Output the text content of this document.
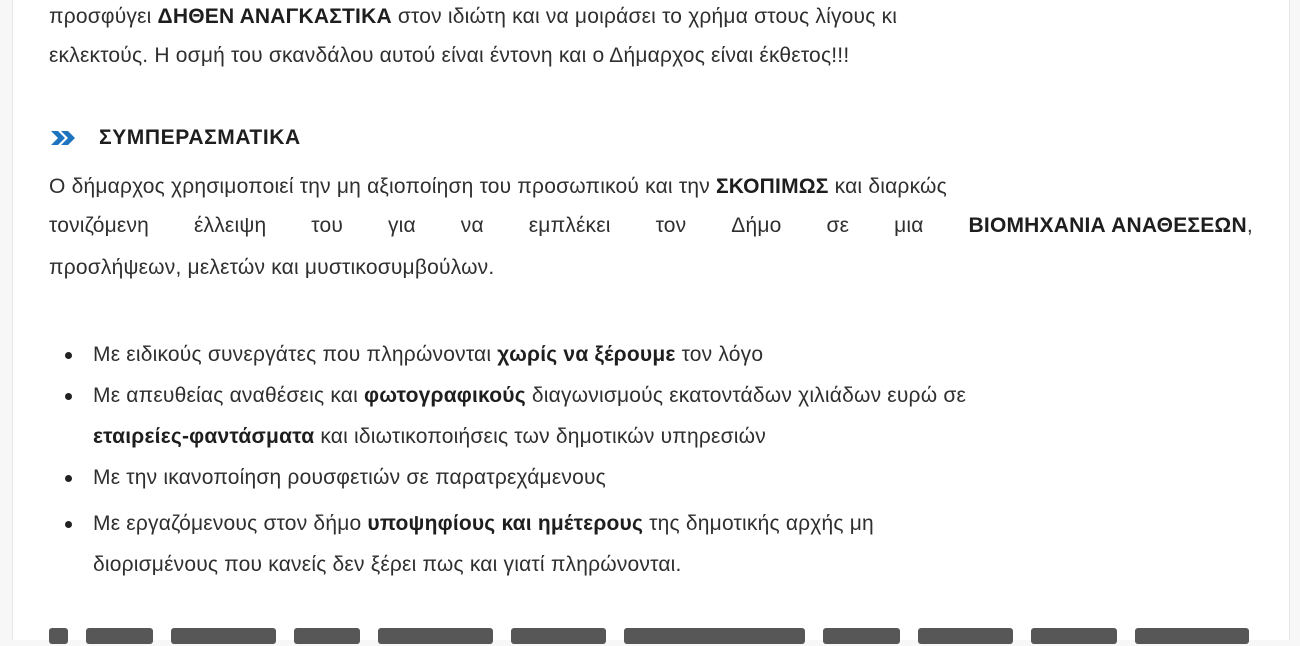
προσφύγει ΔΗΘΕΝ ΑΝΑΓΚΑΣΤΙΚΑ στον ιδιώτη και να μοιράσει το χρήμα στους λίγους κι
εκλεκτούς. Η οσμή του σκανδάλου αυτού είναι έντονη και ο Δήμαρχος είναι έκθετος!!!
ΣΥΜΠΕΡΑΣΜΑΤΙΚΑ
Ο δήμαρχος χρησιμοποιεί την μη αξιοποίηση του προσωπικού και την ΣΚΟΠΙΜΩΣ και διαρκώς
τονιζόμενη έλλειψη του για να εμπλέκει τον Δήμο σε μια ΒΙΟΜΗΧΑΝΙΑ ΑΝΑΘΕΣΕΩΝ,
προσλήψεων, μελετών και μυστικοσυμβούλων.
Με ειδικούς συνεργάτες που πληρώνονται χωρίς να ξέρουμε τον λόγο
Με απευθείας αναθέσεις και φωτογραφικούς διαγωνισμούς εκατοντάδων χιλιάδων ευρώ σε
εταιρείες-φαντάσματα και ιδιωτικοποιήσεις των δημοτικών υπηρεσιών
Με την ικανοποίηση ρουσφετιών σε παρατρεχάμενους
Με εργαζόμενους στον δήμο υποψηφίους και ημέτερους της δημοτικής αρχής μη
διορισμένους που κανείς δεν ξέρει πως και γιατί πληρώνονται.
